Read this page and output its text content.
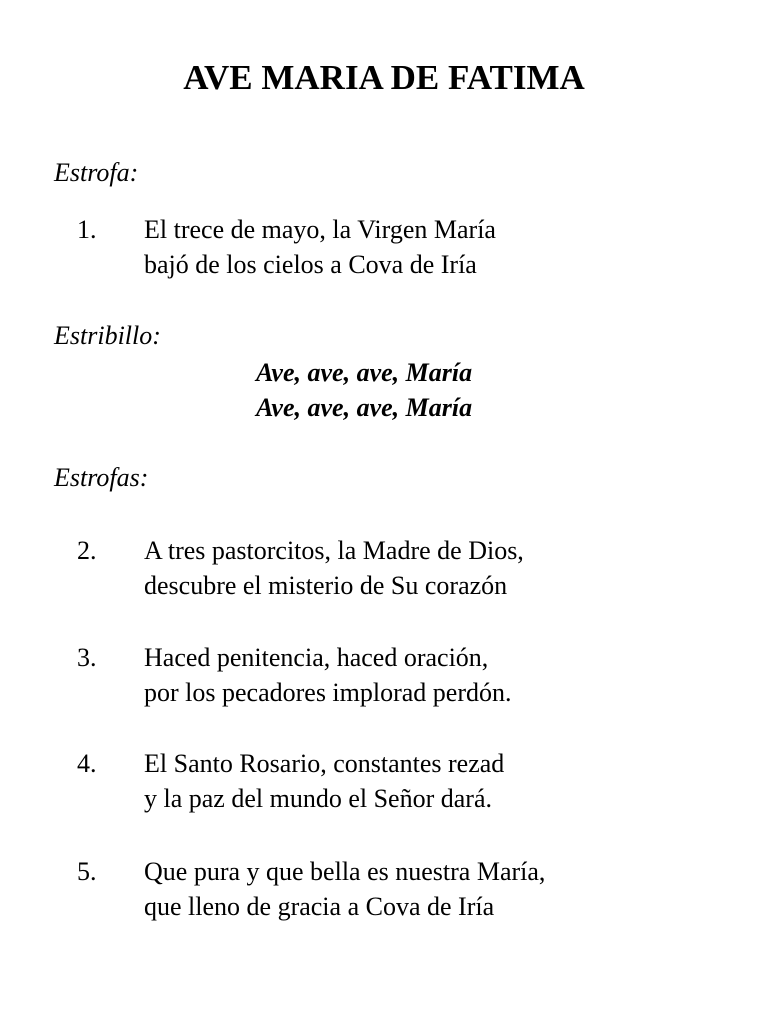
AVE MARIA DE FATIMA

Estrofa:

1. El trece de mayo, la Virgen María
bajó de los cielos a Cova de Iría

Estribillo:

Ave, ave, ave, María
Ave, ave, ave, María

Estrofas:

2. A tres pastorcitos, la Madre de Dios,
descubre el misterio de Su corazón
3. Haced penitencia, haced oración,
por los pecadores implorad perdón.
4. El Santo Rosario, constantes rezad
y la paz del mundo el Señor dará.
5. Que pura y que bella es nuestra María,
que lleno de gracia a Cova de Iría
